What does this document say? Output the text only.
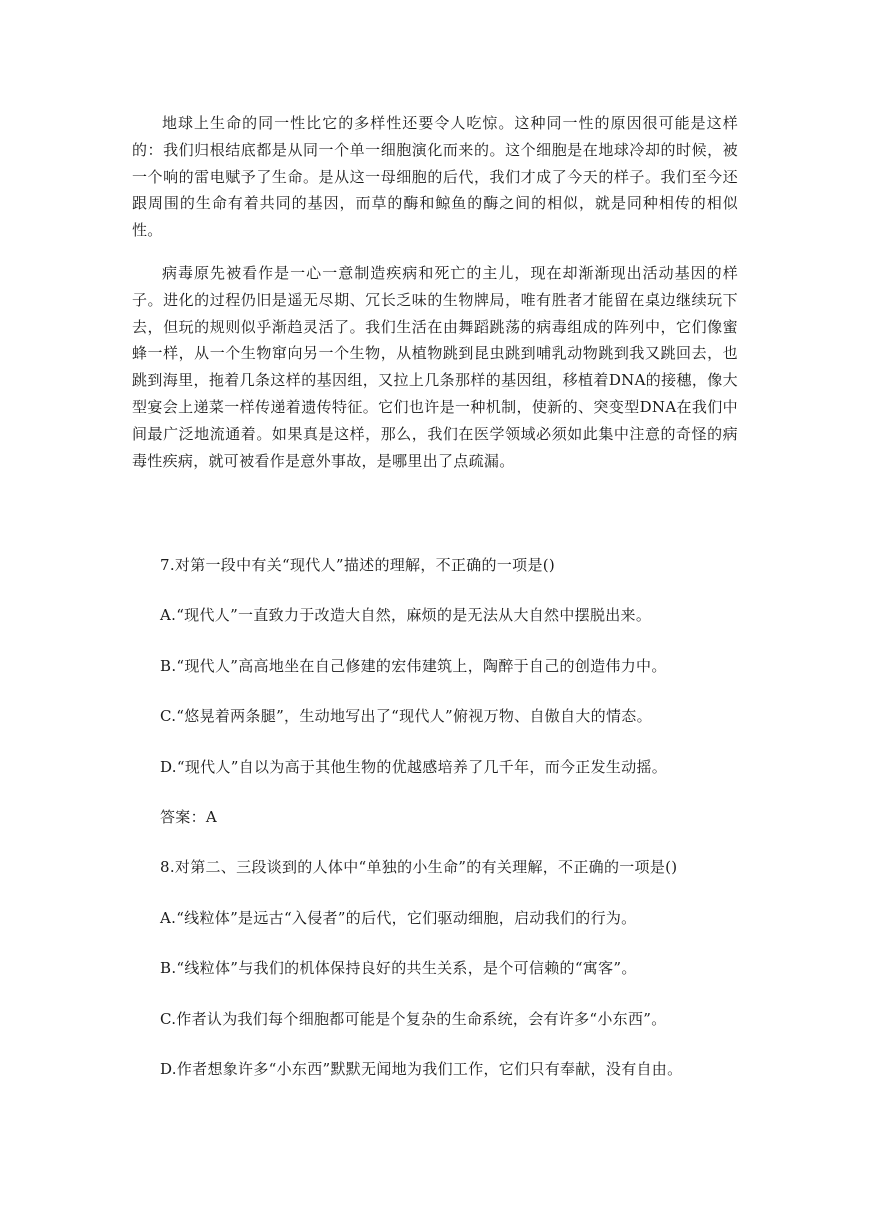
地球上生命的同一性比它的多样性还要令人吃惊。这种同一性的原因很可能是这样的：我们归根结底都是从同一个单一细胞演化而来的。这个细胞是在地球冷却的时候，被一个响的雷电赋予了生命。是从这一母细胞的后代，我们才成了今天的样子。我们至今还跟周围的生命有着共同的基因，而草的酶和鲸鱼的酶之间的相似，就是同种相传的相似性。

病毒原先被看作是一心一意制造疾病和死亡的主儿，现在却渐渐现出活动基因的样子。进化的过程仍旧是遥无尽期、冗长乏味的生物牌局，唯有胜者才能留在桌边继续玩下去，但玩的规则似乎渐趋灵活了。我们生活在由舞蹈跳荡的病毒组成的阵列中，它们像蜜蜂一样，从一个生物窜向另一个生物，从植物跳到昆虫跳到哺乳动物跳到我又跳回去，也跳到海里，拖着几条这样的基因组，又拉上几条那样的基因组，移植着DNA的接穗，像大型宴会上递菜一样传递着遗传特征。它们也许是一种机制，使新的、突变型DNA在我们中间最广泛地流通着。如果真是这样，那么，我们在医学领域必须如此集中注意的奇怪的病毒性疾病，就可被看作是意外事故，是哪里出了点疏漏。

7.对第一段中有关“现代人”描述的理解，不正确的一项是()

A.“现代人”一直致力于改造大自然，麻烦的是无法从大自然中摆脱出来。

B.“现代人”高高地坐在自己修建的宏伟建筑上，陶醉于自己的创造伟力中。

C.“悠晃着两条腿”，生动地写出了“现代人”俯视万物、自傲自大的情态。

D.“现代人”自以为高于其他生物的优越感培养了几千年，而今正发生动摇。

答案：A

8.对第二、三段谈到的人体中“单独的小生命”的有关理解，不正确的一项是()

A.“线粒体”是远古“入侵者”的后代，它们驱动细胞，启动我们的行为。

B.“线粒体”与我们的机体保持良好的共生关系，是个可信赖的“寓客”。

C.作者认为我们每个细胞都可能是个复杂的生命系统，会有许多“小东西”。

D.作者想象许多“小东西”默默无闻地为我们工作，它们只有奉献，没有自由。
